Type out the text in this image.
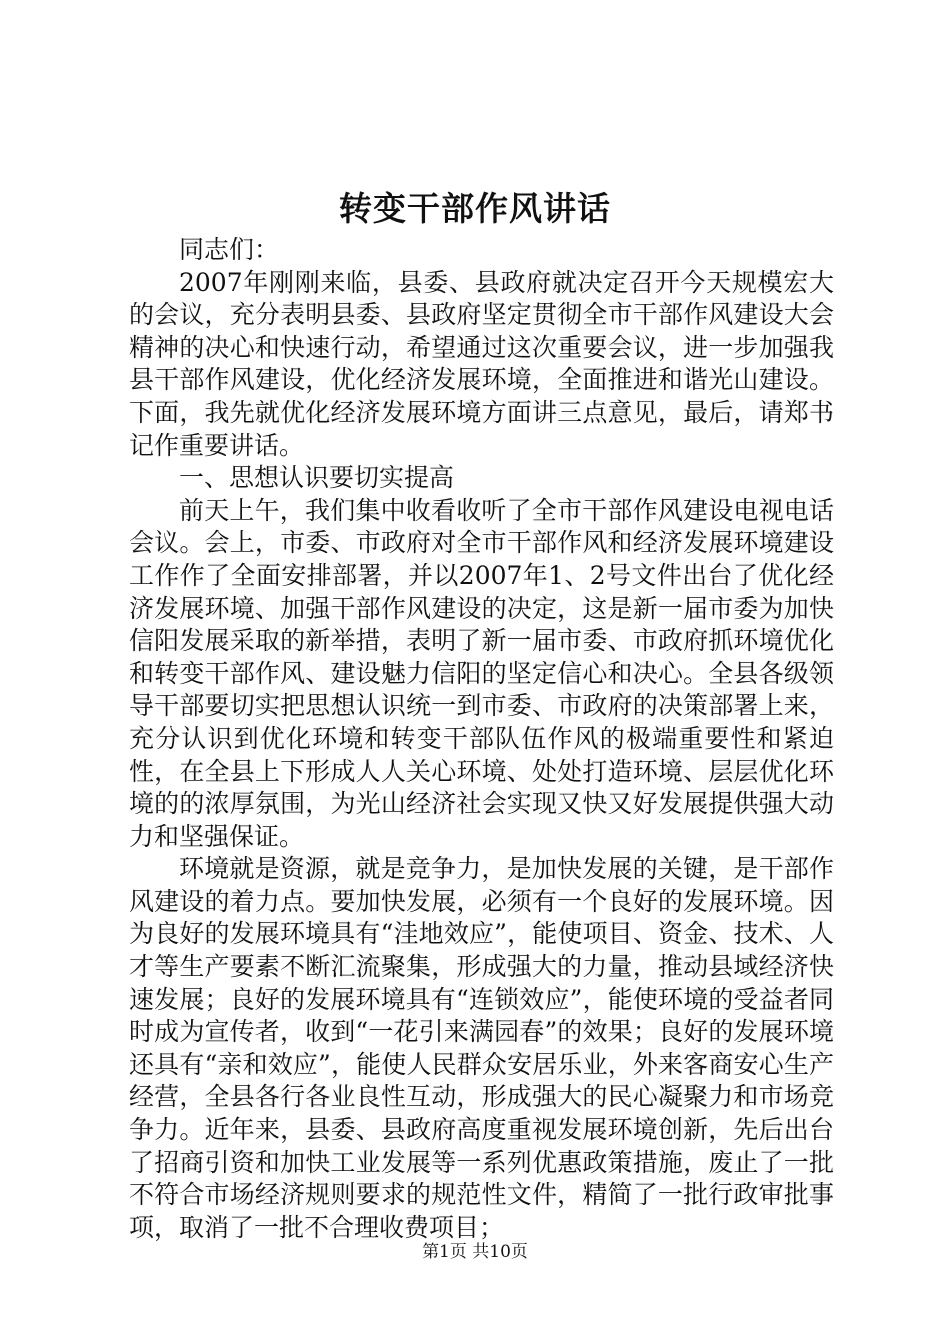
转变干部作风讲话

同志们：

2007年刚刚来临，县委、县政府就决定召开今天规模宏大的会议，充分表明县委、县政府坚定贯彻全市干部作风建设大会精神的决心和快速行动，希望通过这次重要会议，进一步加强我县干部作风建设，优化经济发展环境，全面推进和谐光山建设。下面，我先就优化经济发展环境方面讲三点意见，最后，请郑书记作重要讲话。

一、思想认识要切实提高

前天上午，我们集中收看收听了全市干部作风建设电视电话会议。会上，市委、市政府对全市干部作风和经济发展环境建设工作作了全面安排部署，并以2007年1、2号文件出台了优化经济发展环境、加强干部作风建设的决定，这是新一届市委为加快信阳发展采取的新举措，表明了新一届市委、市政府抓环境优化和转变干部作风、建设魅力信阳的坚定信心和决心。全县各级领导干部要切实把思想认识统一到市委、市政府的决策部署上来，充分认识到优化环境和转变干部队伍作风的极端重要性和紧迫性，在全县上下形成人人关心环境、处处打造环境、层层优化环境的的浓厚氛围，为光山经济社会实现又快又好发展提供强大动力和坚强保证。

环境就是资源，就是竞争力，是加快发展的关键，是干部作风建设的着力点。要加快发展，必须有一个良好的发展环境。因为良好的发展环境具有“洼地效应”，能使项目、资金、技术、人才等生产要素不断汇流聚集，形成强大的力量，推动县域经济快速发展；良好的发展环境具有“连锁效应”，能使环境的受益者同时成为宣传者，收到“一花引来满园春”的效果；良好的发展环境还具有“亲和效应”，能使人民群众安居乐业，外来客商安心生产经营，全县各行各业良性互动，形成强大的民心凝聚力和市场竞争力。近年来，县委、县政府高度重视发展环境创新，先后出台了招商引资和加快工业发展等一系列优惠政策措施，废止了一批不符合市场经济规则要求的规范性文件，精简了一批行政审批事项，取消了一批不合理收费项目；

第1页 共10页
